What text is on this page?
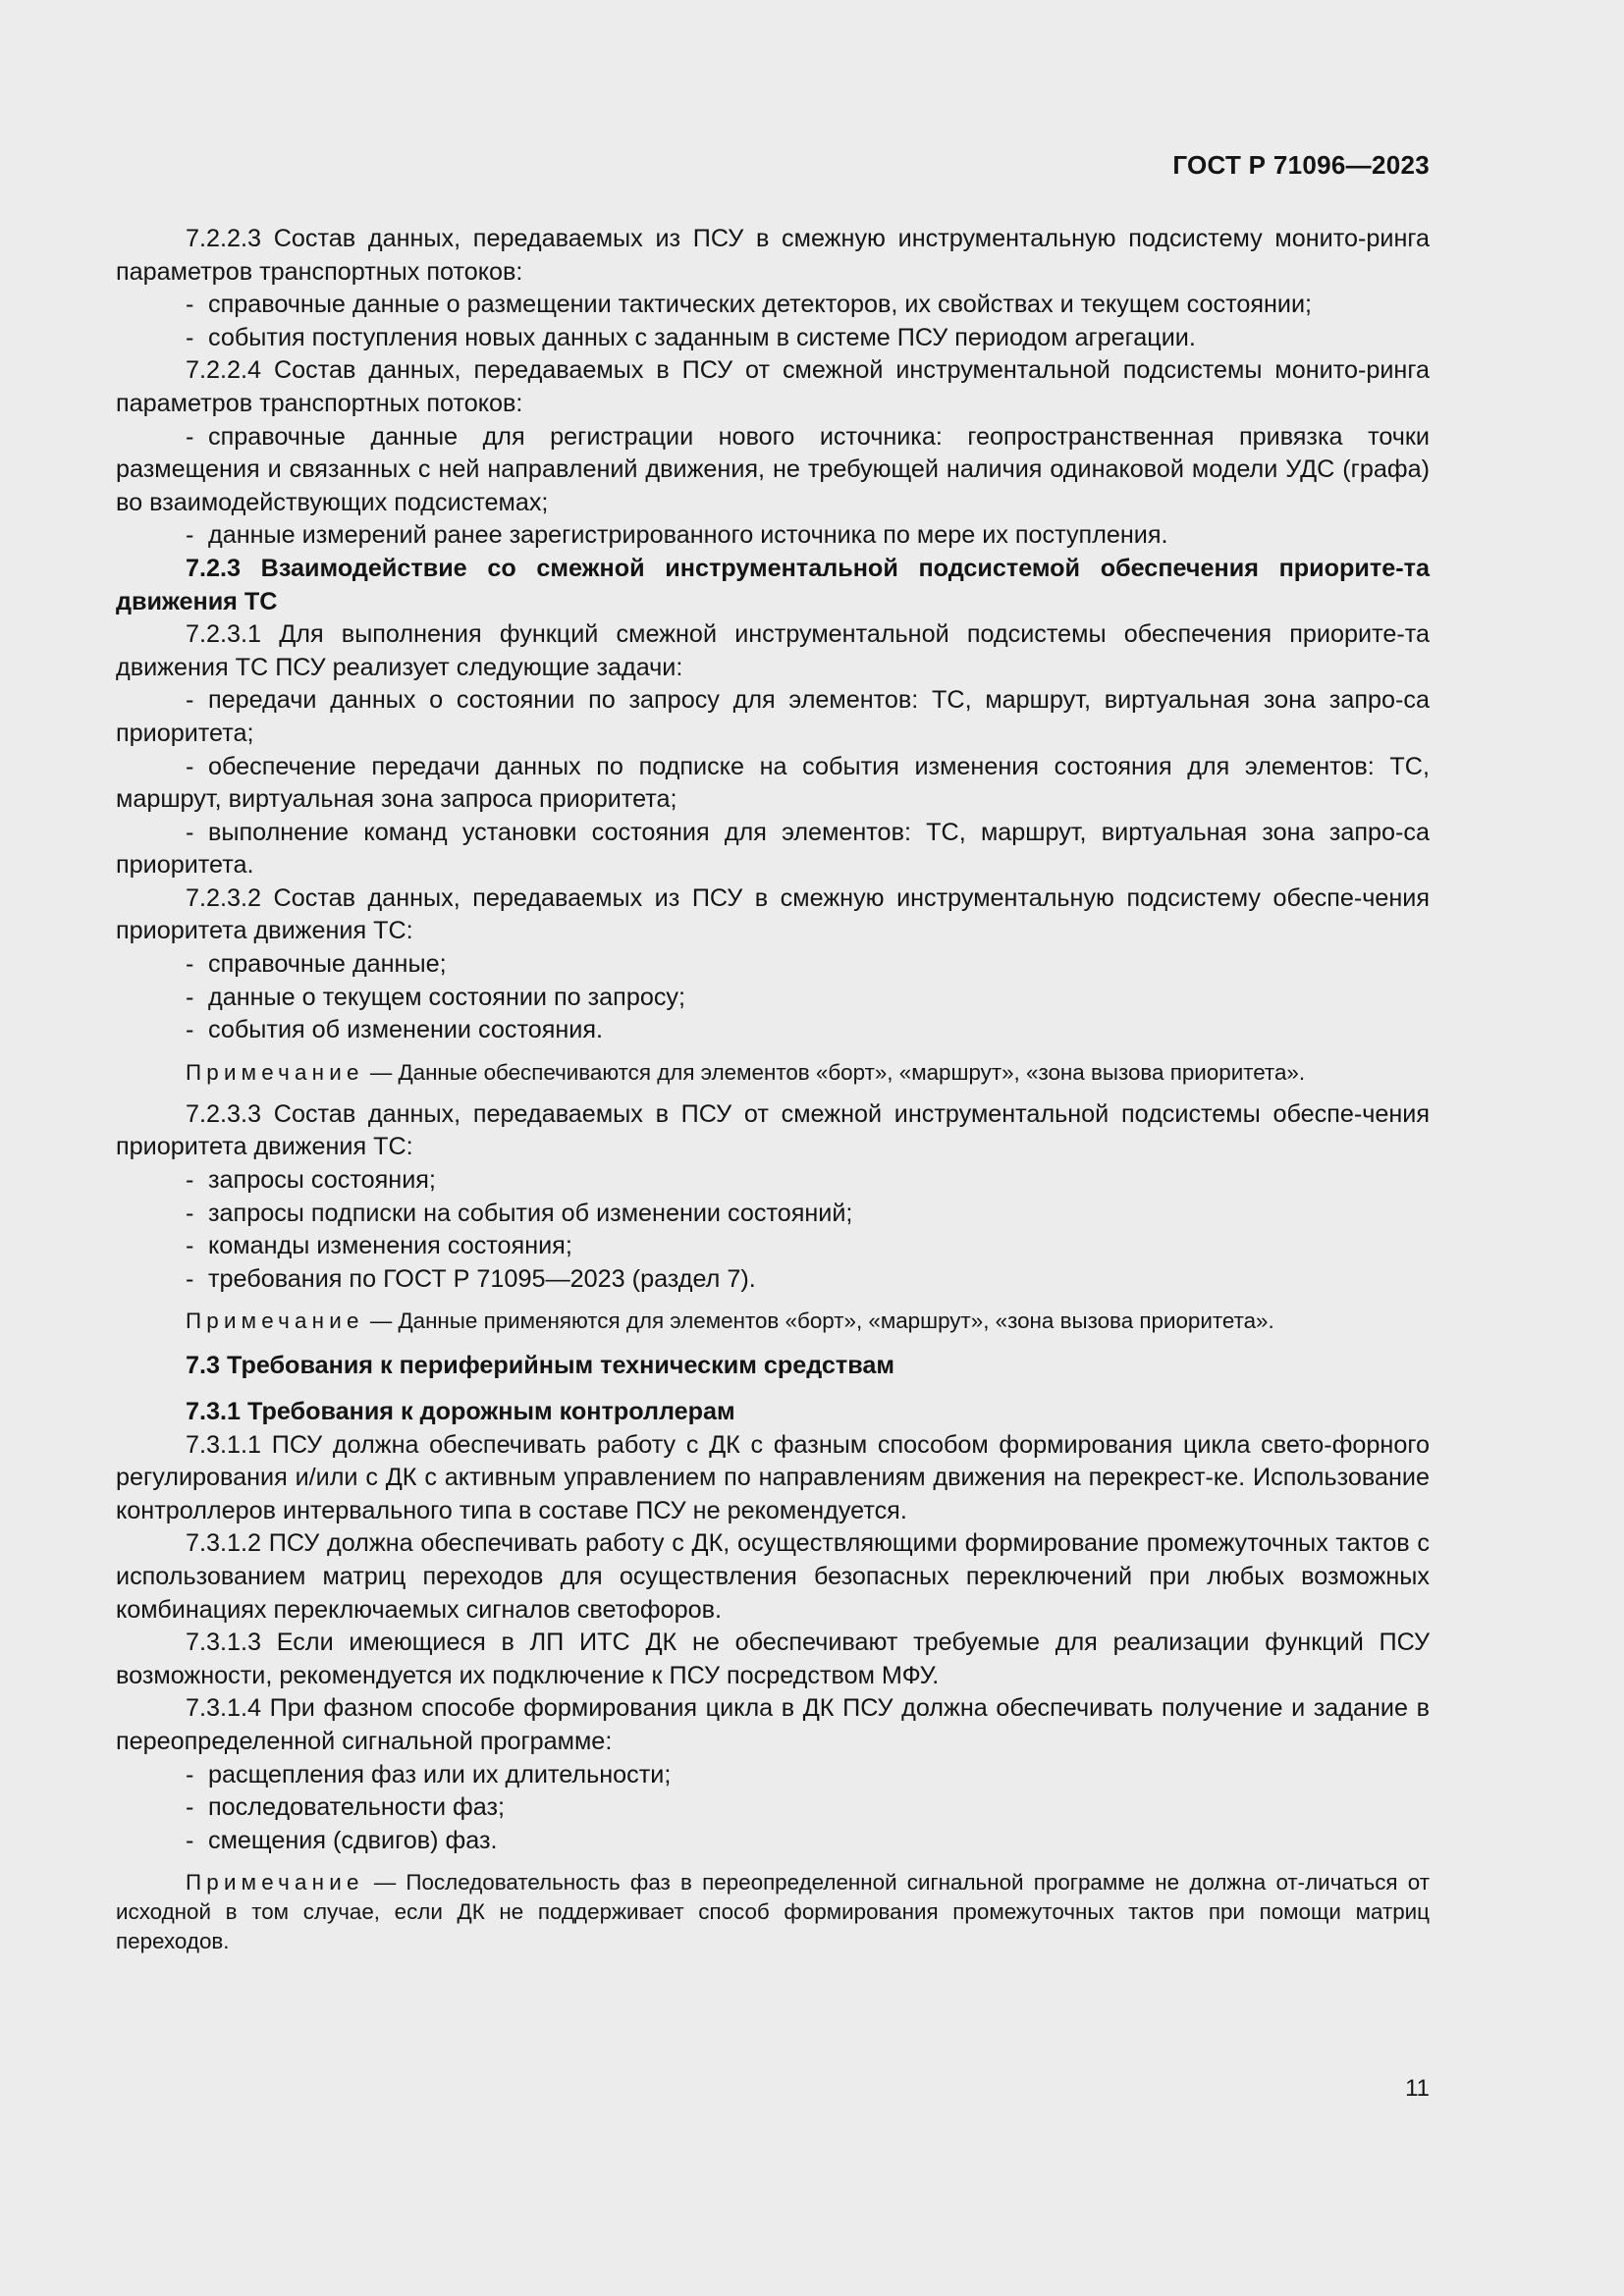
ГОСТ Р 71096—2023

7.2.2.3 Состав данных, передаваемых из ПСУ в смежную инструментальную подсистему монито-ринга параметров транспортных потоков:

- справочные данные о размещении тактических детекторов, их свойствах и текущем состоянии;

- события поступления новых данных с заданным в системе ПСУ периодом агрегации.

7.2.2.4 Состав данных, передаваемых в ПСУ от смежной инструментальной подсистемы монито-ринга параметров транспортных потоков:

- справочные данные для регистрации нового источника: геопространственная привязка точки размещения и связанных с ней направлений движения, не требующей наличия одинаковой модели УДС (графа) во взаимодействующих подсистемах;

- данные измерений ранее зарегистрированного источника по мере их поступления.

7.2.3 Взаимодействие со смежной инструментальной подсистемой обеспечения приорите-та движения ТС

7.2.3.1 Для выполнения функций смежной инструментальной подсистемы обеспечения приорите-та движения ТС ПСУ реализует следующие задачи:

- передачи данных о состоянии по запросу для элементов: ТС, маршрут, виртуальная зона запро-са приоритета;

- обеспечение передачи данных по подписке на события изменения состояния для элементов: ТС, маршрут, виртуальная зона запроса приоритета;

- выполнение команд установки состояния для элементов: ТС, маршрут, виртуальная зона запро-са приоритета.

7.2.3.2 Состав данных, передаваемых из ПСУ в смежную инструментальную подсистему обеспе-чения приоритета движения ТС:

- справочные данные;

- данные о текущем состоянии по запросу;

- события об изменении состояния.

Примечание — Данные обеспечиваются для элементов «борт», «маршрут», «зона вызова приоритета».

7.2.3.3 Состав данных, передаваемых в ПСУ от смежной инструментальной подсистемы обеспе-чения приоритета движения ТС:

- запросы состояния;

- запросы подписки на события об изменении состояний;

- команды изменения состояния;

- требования по ГОСТ Р 71095—2023 (раздел 7).

Примечание — Данные применяются для элементов «борт», «маршрут», «зона вызова приоритета».

7.3 Требования к периферийным техническим средствам

7.3.1 Требования к дорожным контроллерам

7.3.1.1 ПСУ должна обеспечивать работу с ДК с фазным способом формирования цикла свето-форного регулирования и/или с ДК с активным управлением по направлениям движения на перекрест-ке. Использование контроллеров интервального типа в составе ПСУ не рекомендуется.

7.3.1.2 ПСУ должна обеспечивать работу с ДК, осуществляющими формирование промежуточных тактов с использованием матриц переходов для осуществления безопасных переключений при любых возможных комбинациях переключаемых сигналов светофоров.

7.3.1.3 Если имеющиеся в ЛП ИТС ДК не обеспечивают требуемые для реализации функций ПСУ возможности, рекомендуется их подключение к ПСУ посредством МФУ.

7.3.1.4 При фазном способе формирования цикла в ДК ПСУ должна обеспечивать получение и задание в переопределенной сигнальной программе:

- расщепления фаз или их длительности;

- последовательности фаз;

- смещения (сдвигов) фаз.

Примечание — Последовательность фаз в переопределенной сигнальной программе не должна от-личаться от исходной в том случае, если ДК не поддерживает способ формирования промежуточных тактов при помощи матриц переходов.

11
